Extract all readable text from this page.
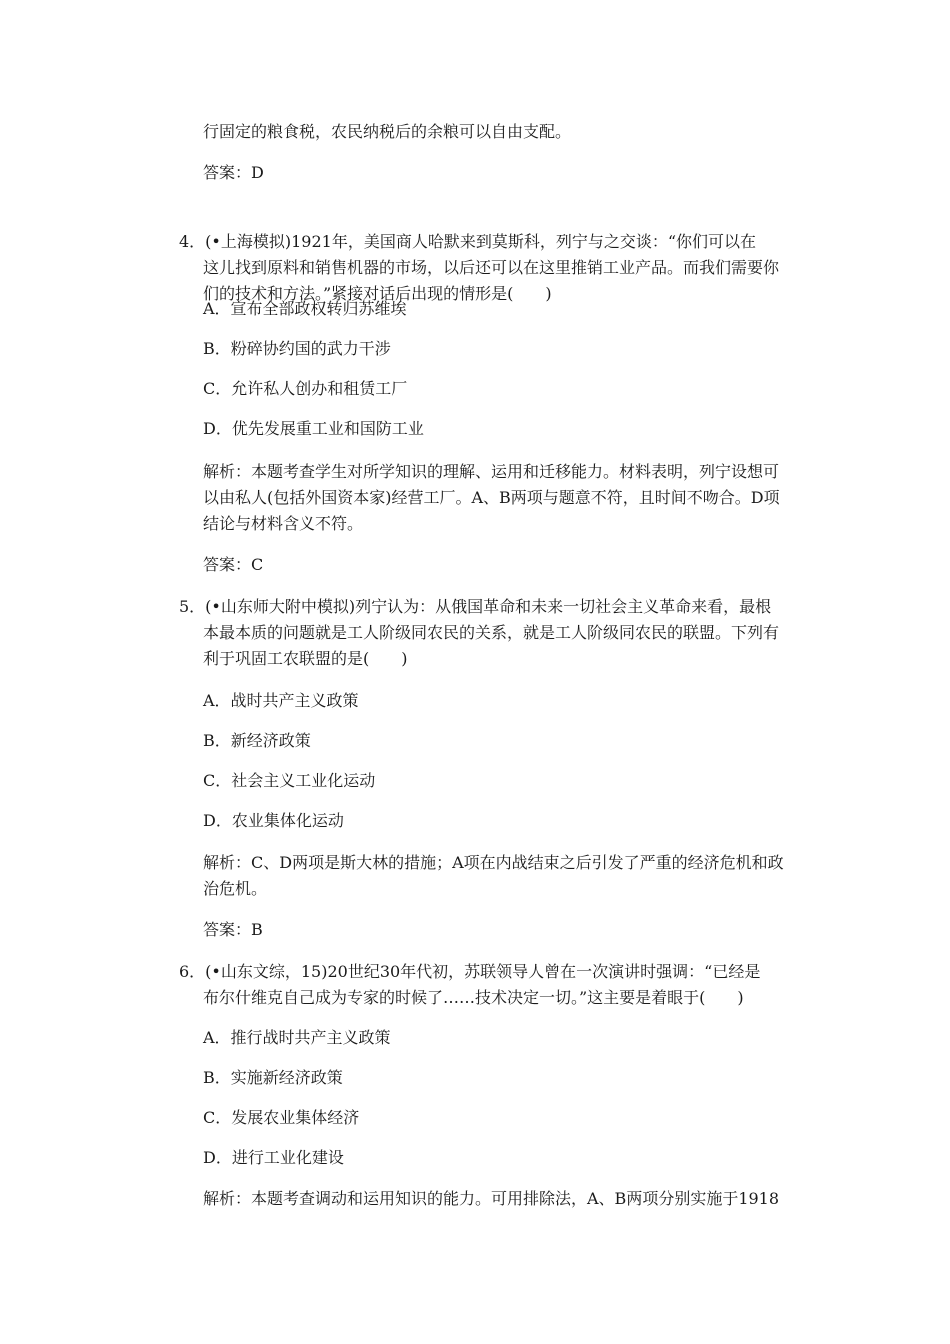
行固定的粮食税，农民纳税后的余粮可以自由支配。
答案：D
4．(•上海模拟)1921年，美国商人哈默来到莫斯科，列宁与之交谈：“你们可以在
这儿找到原料和销售机器的市场，以后还可以在这里推销工业产品。而我们需要你
们的技术和方法。”紧接对话后出现的情形是(　　)
A．宣布全部政权转归苏维埃
B．粉碎协约国的武力干涉
C．允许私人创办和租赁工厂
D．优先发展重工业和国防工业
解析：本题考查学生对所学知识的理解、运用和迁移能力。材料表明，列宁设想可
以由私人(包括外国资本家)经营工厂。A、B两项与题意不符，且时间不吻合。D项
结论与材料含义不符。
答案：C
5．(•山东师大附中模拟)列宁认为：从俄国革命和未来一切社会主义革命来看，最根
本最本质的问题就是工人阶级同农民的关系，就是工人阶级同农民的联盟。下列有
利于巩固工农联盟的是(　　)
A．战时共产主义政策
B．新经济政策
C．社会主义工业化运动
D．农业集体化运动
解析：C、D两项是斯大林的措施；A项在内战结束之后引发了严重的经济危机和政
治危机。
答案：B
6．(•山东文综，15)20世纪30年代初，苏联领导人曾在一次演讲时强调：“已经是
布尔什维克自己成为专家的时候了……技术决定一切。”这主要是着眼于(　　)
A．推行战时共产主义政策
B．实施新经济政策
C．发展农业集体经济
D．进行工业化建设
解析：本题考查调动和运用知识的能力。可用排除法，A、B两项分别实施于1918
